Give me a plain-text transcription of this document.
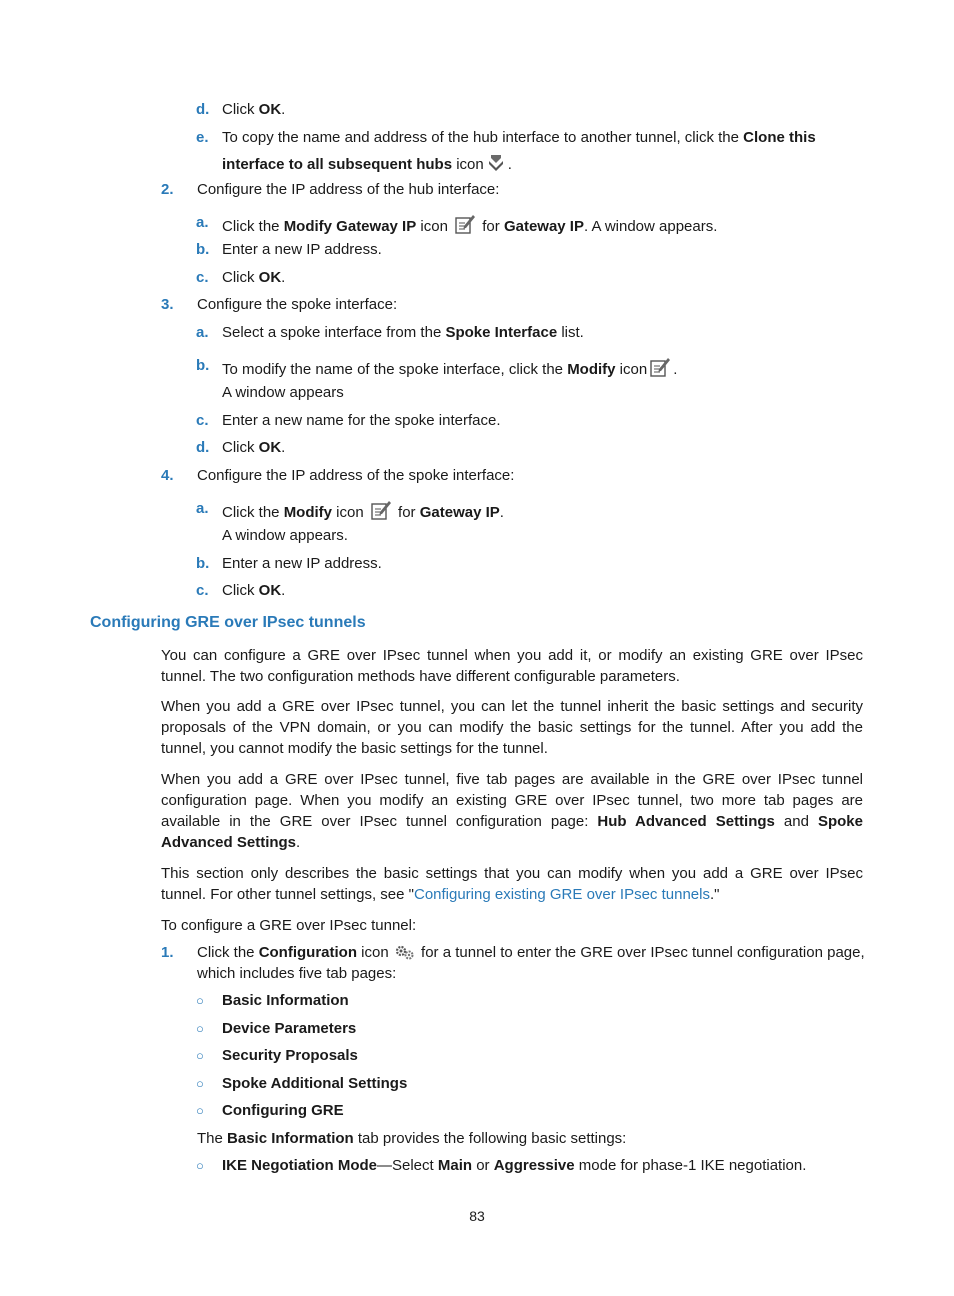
d. Click OK.
e. To copy the name and address of the hub interface to another tunnel, click the Clone this
interface to all subsequent hubs icon .
2. Configure the IP address of the hub interface:
a. Click the Modify Gateway IP icon  for Gateway IP. A window appears.
b. Enter a new IP address.
c. Click OK.
3. Configure the spoke interface:
a. Select a spoke interface from the Spoke Interface list.
b. To modify the name of the spoke interface, click the Modify icon .
A window appears
c. Enter a new name for the spoke interface.
d. Click OK.
4. Configure the IP address of the spoke interface:
a. Click the Modify icon  for Gateway IP.
A window appears.
b. Enter a new IP address.
c. Click OK.
Configuring GRE over IPsec tunnels
You can configure a GRE over IPsec tunnel when you add it, or modify an existing GRE over IPsec tunnel. The two configuration methods have different configurable parameters.
When you add a GRE over IPsec tunnel, you can let the tunnel inherit the basic settings and security proposals of the VPN domain, or you can modify the basic settings for the tunnel. After you add the tunnel, you cannot modify the basic settings for the tunnel.
When you add a GRE over IPsec tunnel, five tab pages are available in the GRE over IPsec tunnel configuration page. When you modify an existing GRE over IPsec tunnel, two more tab pages are available in the GRE over IPsec tunnel configuration page: Hub Advanced Settings and Spoke Advanced Settings.
This section only describes the basic settings that you can modify when you add a GRE over IPsec tunnel. For other tunnel settings, see "Configuring existing GRE over IPsec tunnels."
To configure a GRE over IPsec tunnel:
1. Click the Configuration icon  for a tunnel to enter the GRE over IPsec tunnel configuration page,
which includes five tab pages:
○ Basic Information
○ Device Parameters
○ Security Proposals
○ Spoke Additional Settings
○ Configuring GRE
The Basic Information tab provides the following basic settings:
○ IKE Negotiation Mode—Select Main or Aggressive mode for phase-1 IKE negotiation.
83
